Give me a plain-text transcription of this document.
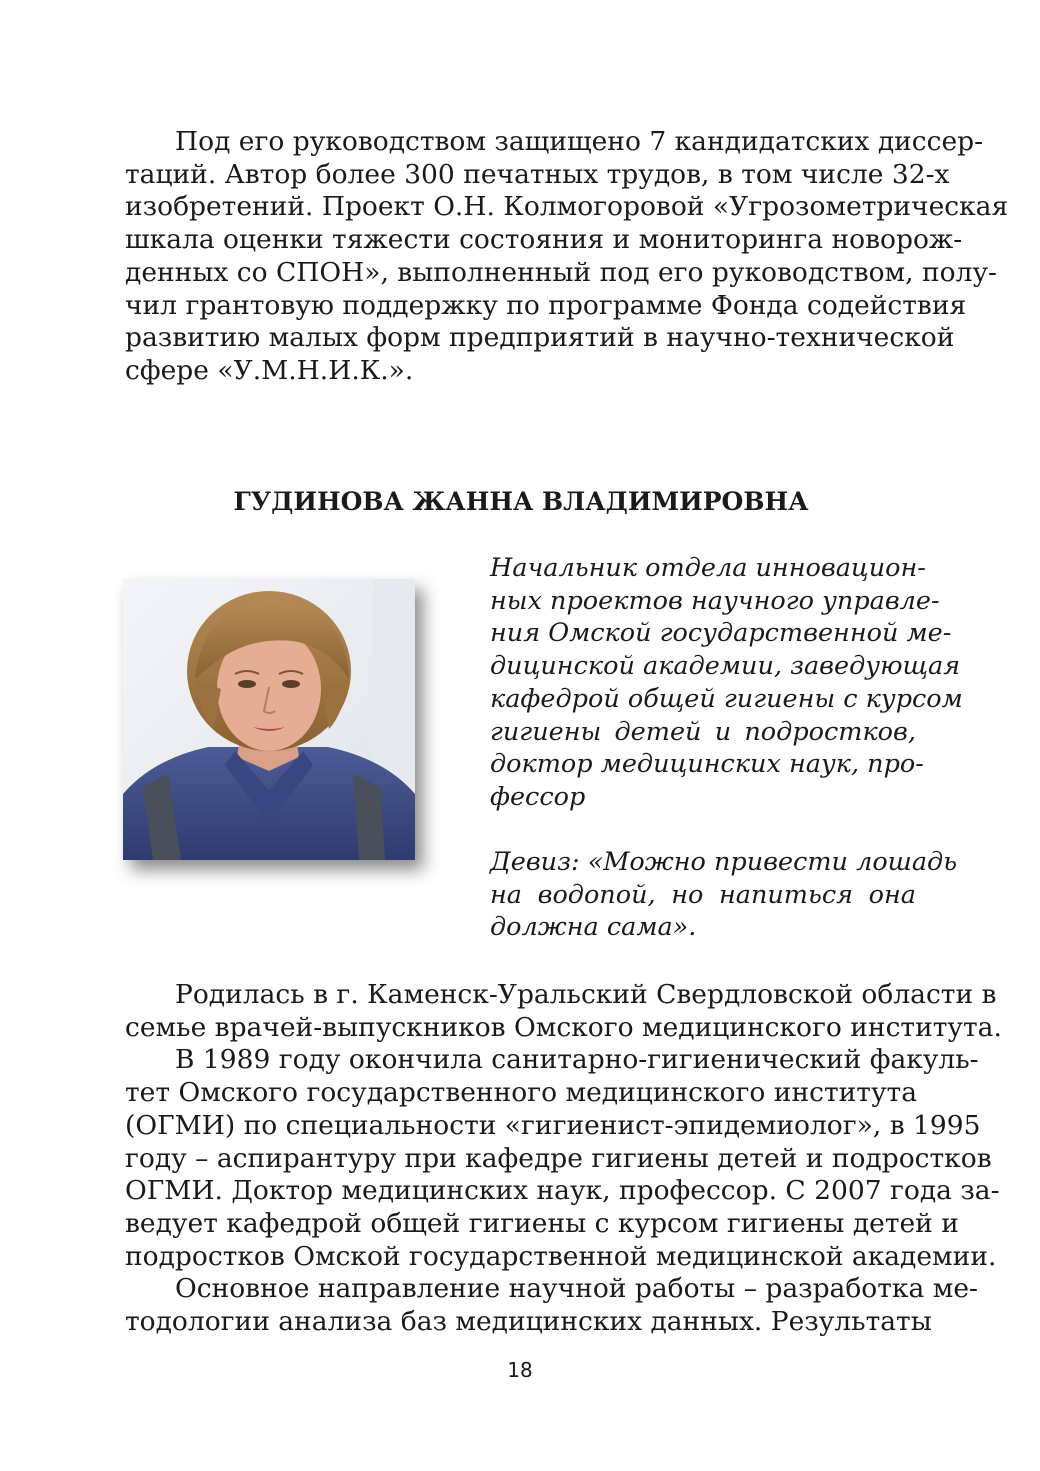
Под его руководством защищено 7 кандидатских диссер-
таций. Автор более 300 печатных трудов, в том числе 32-х
изобретений. Проект О.Н. Колмогоровой «Угрозометрическая
шкала оценки тяжести состояния и мониторинга новорож-
денных со СПОН», выполненный под его руководством, полу-
чил грантовую поддержку по программе Фонда содействия
развитию малых форм предприятий в научно-технической
сфере «У.М.Н.И.К.».
ГУДИНОВА ЖАННА ВЛАДИМИРОВНА
Начальник отдела инновацион-
ных проектов научного управле-
ния Омской государственной ме-
дицинской академии, заведующая
кафедрой общей гигиены с курсом
гигиены детей и подростков,
доктор медицинских наук, про-
фессор
Девиз: «Можно привести лошадь
на водопой, но напиться она
должна сама».
Родилась в г. Каменск-Уральский Свердловской области в
семье врачей-выпускников Омского медицинского института.
В 1989 году окончила санитарно-гигиенический факуль-
тет Омского государственного медицинского института
(ОГМИ) по специальности «гигиенист-эпидемиолог», в 1995
году – аспирантуру при кафедре гигиены детей и подростков
ОГМИ. Доктор медицинских наук, профессор. С 2007 года за-
ведует кафедрой общей гигиены с курсом гигиены детей и
подростков Омской государственной медицинской академии.
Основное направление научной работы – разработка ме-
тодологии анализа баз медицинских данных. Результаты
18
